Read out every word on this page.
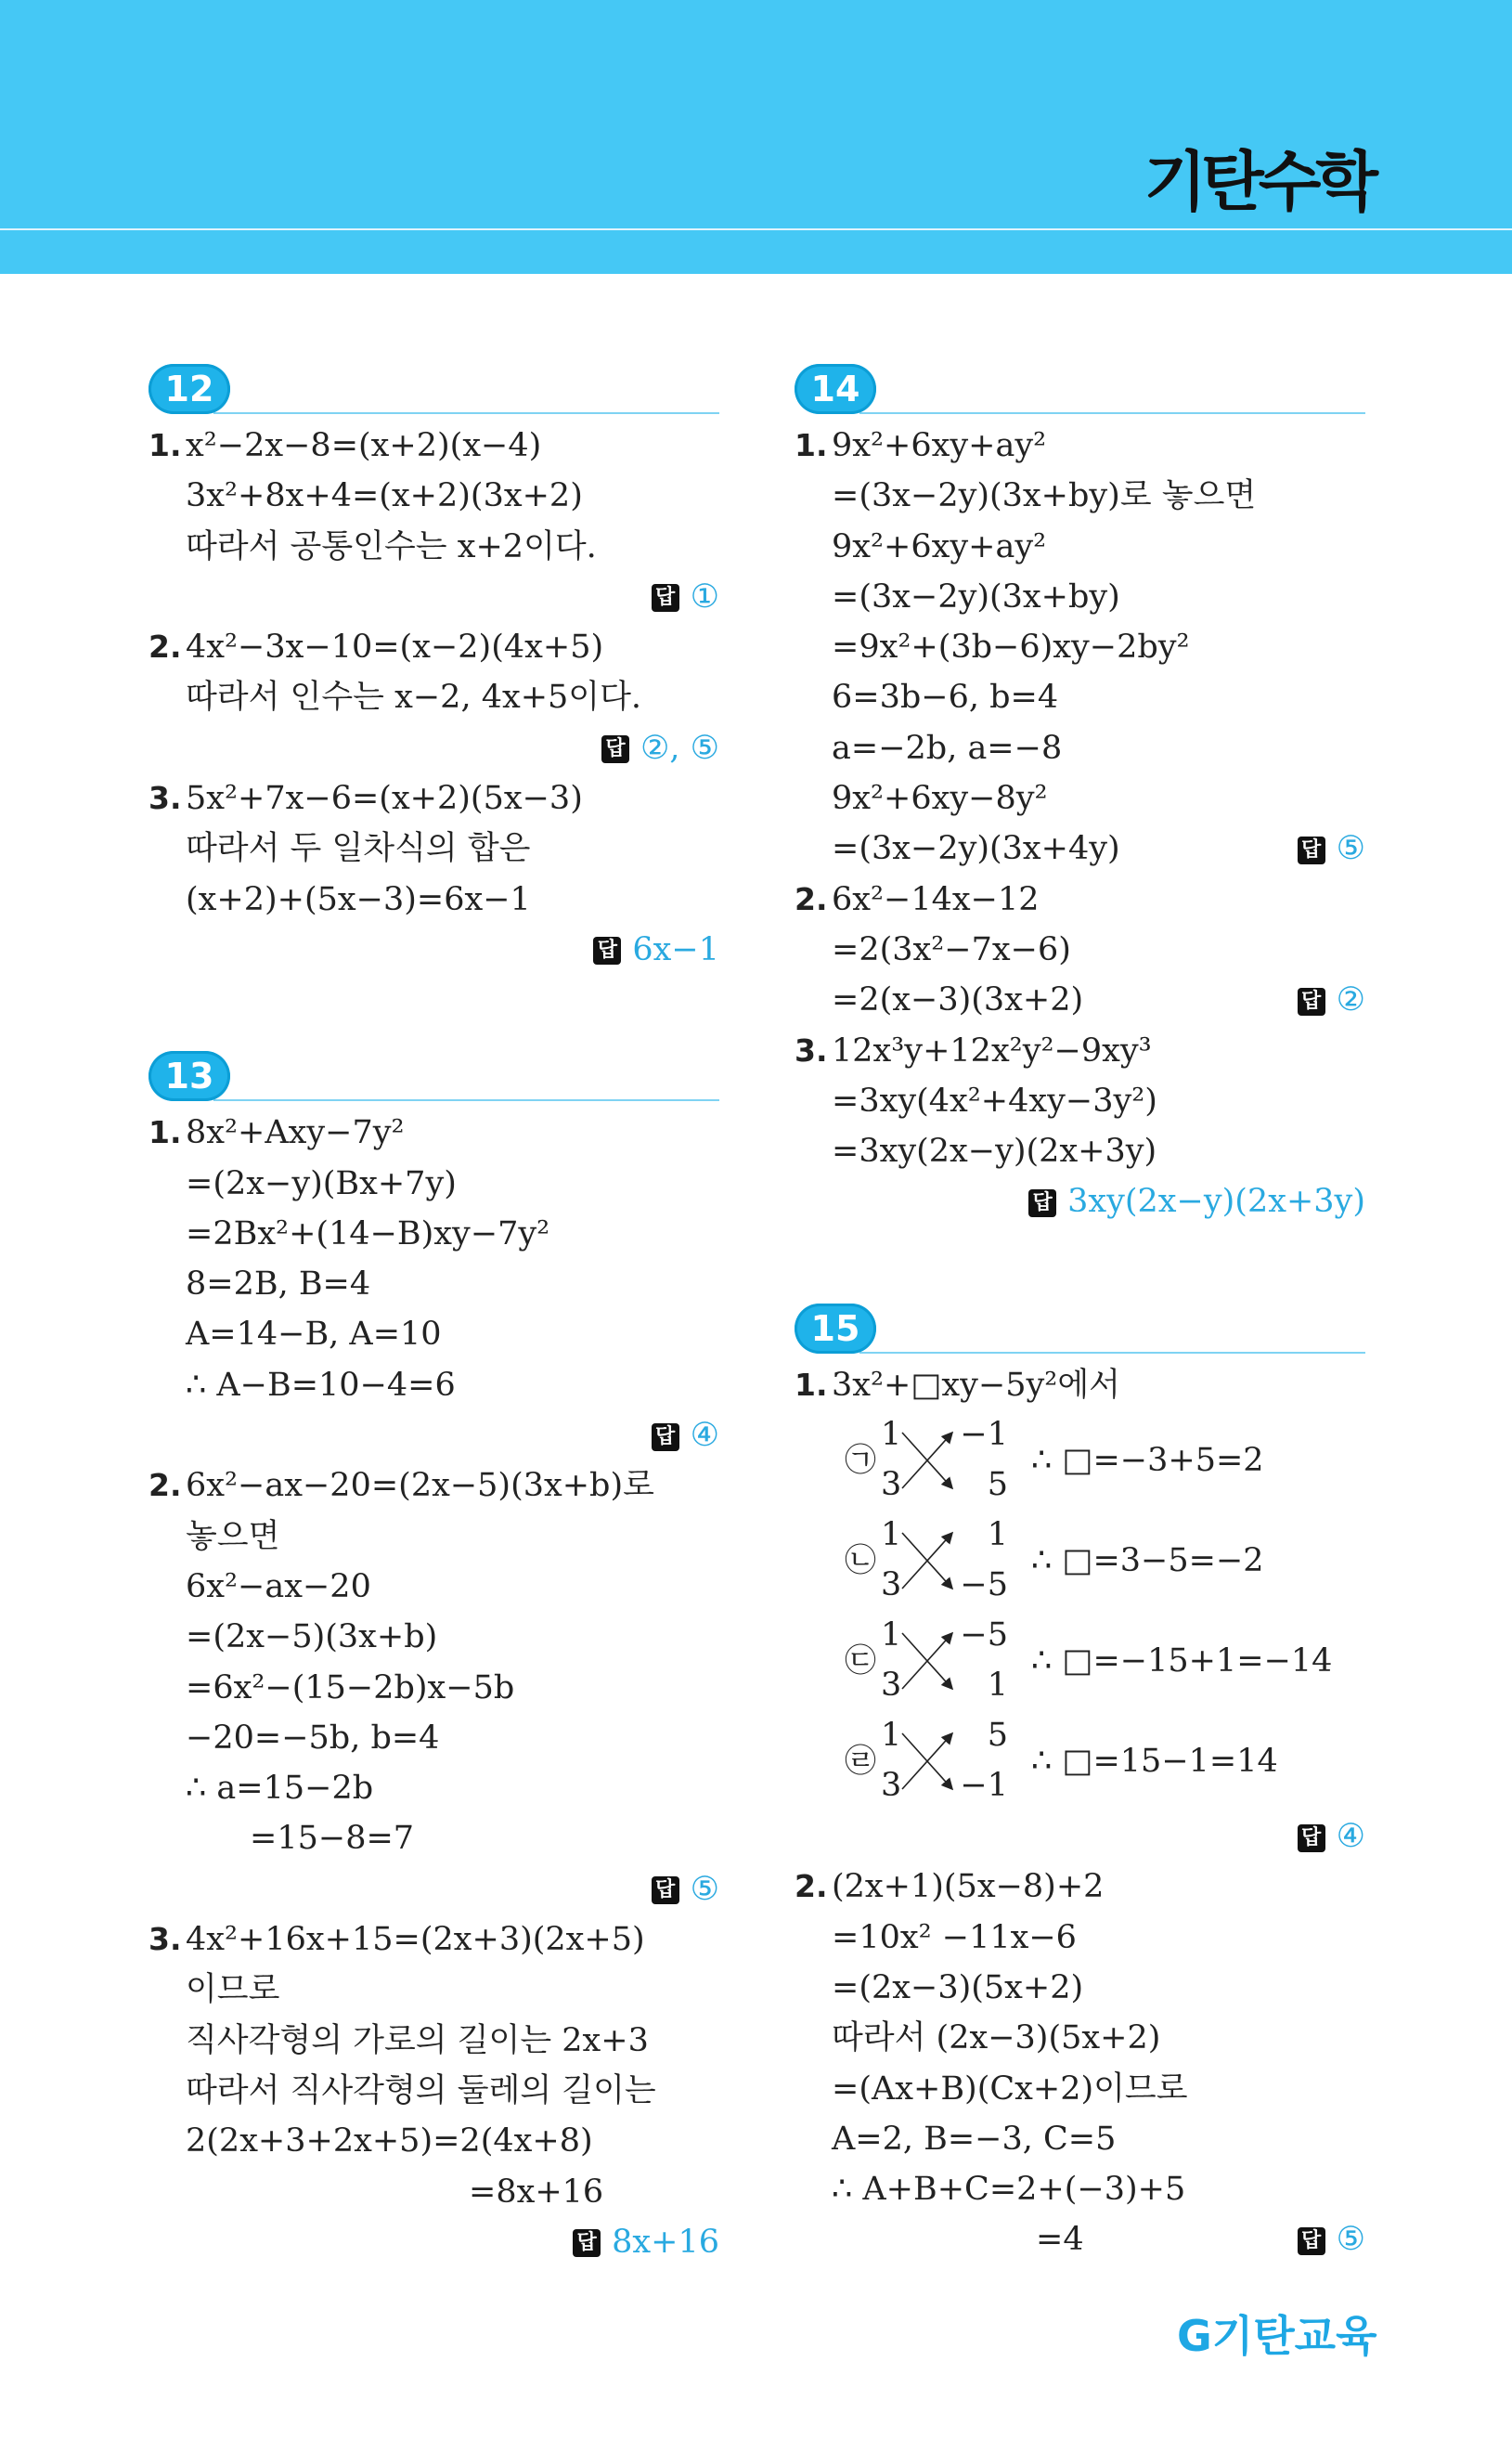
기탄수학
12
1. x²−2x−8=(x+2)(x−4)
3x²+8x+4=(x+2)(3x+2)
따라서 공통인수는 x+2이다.
답 ①
2. 4x²−3x−10=(x−2)(4x+5)
따라서 인수는 x−2, 4x+5이다.
답 ②, ⑤
3. 5x²+7x−6=(x+2)(5x−3)
따라서 두 일차식의 합은
(x+2)+(5x−3)=6x−1
답 6x−1
13
1. 8x²+Axy−7y²
=(2x−y)(Bx+7y)
=2Bx²+(14−B)xy−7y²
8=2B, B=4
A=14−B, A=10
∴ A−B=10−4=6
답 ④
2. 6x²−ax−20=(2x−5)(3x+b)로
놓으면
6x²−ax−20
=(2x−5)(3x+b)
=6x²−(15−2b)x−5b
−20=−5b, b=4
∴ a=15−2b
=15−8=7
답 ⑤
3. 4x²+16x+15=(2x+3)(2x+5)
이므로
직사각형의 가로의 길이는 2x+3
따라서 직사각형의 둘레의 길이는
2(2x+3+2x+5)=2(4x+8)
=8x+16
답 8x+16
14
1. 9x²+6xy+ay²
=(3x−2y)(3x+by)로 놓으면
9x²+6xy+ay²
=(3x−2y)(3x+by)
=9x²+(3b−6)xy−2by²
6=3b−6, b=4
a=−2b, a=−8
9x²+6xy−8y²
=(3x−2y)(3x+4y)	답 ⑤
2. 6x²−14x−12
=2(3x²−7x−6)
=2(x−3)(3x+2)	답 ②
3. 12x³y+12x²y²−9xy³
=3xy(4x²+4xy−3y²)
=3xy(2x−y)(2x+3y)
답 3xy(2x−y)(2x+3y)
15
1. 3x²+□xy−5y²에서
㉠
1
3
−1
5
∴ □=−3+5=2
㉡
1
3
1
−5
∴ □=3−5=−2
㉢
1
3
−5
1
∴ □=−15+1=−14
㉣
1
3
5
−1
∴ □=15−1=14
답 ④
2. (2x+1)(5x−8)+2
=10x² −11x−6
=(2x−3)(5x+2)
따라서 (2x−3)(5x+2)
=(Ax+B)(Cx+2)이므로
A=2, B=−3, C=5
∴ A+B+C=2+(−3)+5
=4	답 ⑤
G기탄교육
